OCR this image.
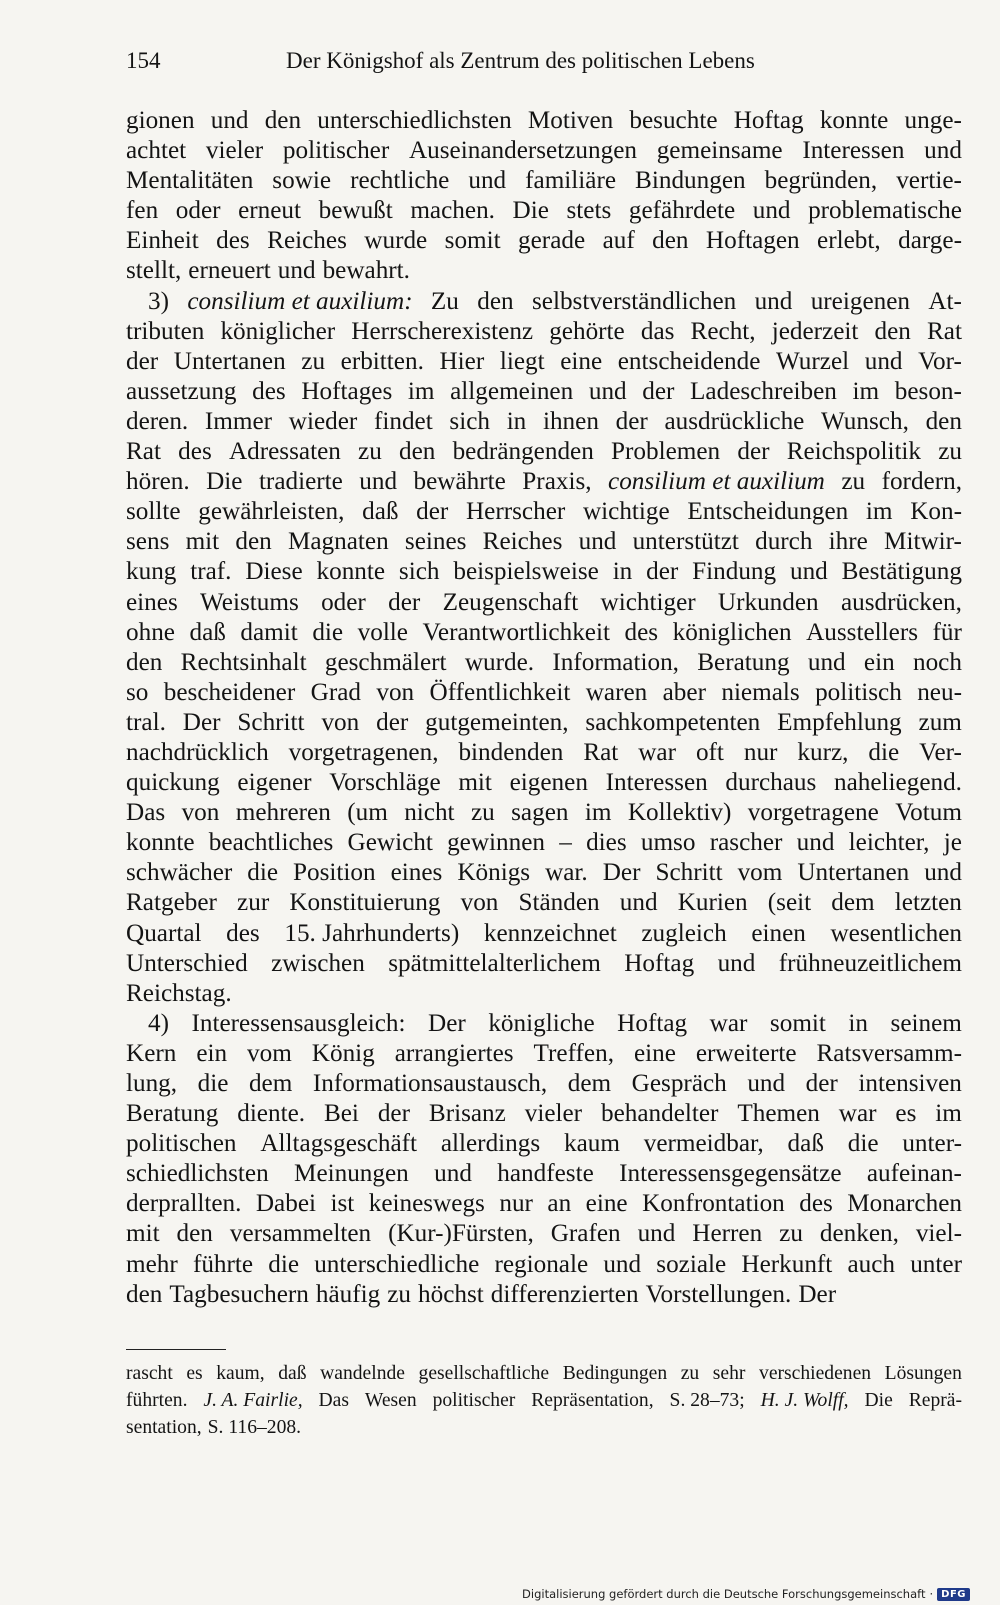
154	Der Königshof als Zentrum des politischen Lebens
gionen und den unterschiedlichsten Motiven besuchte Hoftag konnte unge-
achtet vieler politischer Auseinandersetzungen gemeinsame Interessen und
Mentalitäten sowie rechtliche und familiäre Bindungen begründen, vertie-
fen oder erneut bewußt machen. Die stets gefährdete und problematische
Einheit des Reiches wurde somit gerade auf den Hoftagen erlebt, darge-
stellt, erneuert und bewahrt.
3) consilium et auxilium: Zu den selbstverständlichen und ureigenen At-
tributen königlicher Herrscherexistenz gehörte das Recht, jederzeit den Rat
der Untertanen zu erbitten. Hier liegt eine entscheidende Wurzel und Vor-
aussetzung des Hoftages im allgemeinen und der Ladeschreiben im beson-
deren. Immer wieder findet sich in ihnen der ausdrückliche Wunsch, den
Rat des Adressaten zu den bedrängenden Problemen der Reichspolitik zu
hören. Die tradierte und bewährte Praxis, consilium et auxilium zu fordern,
sollte gewährleisten, daß der Herrscher wichtige Entscheidungen im Kon-
sens mit den Magnaten seines Reiches und unterstützt durch ihre Mitwir-
kung traf. Diese konnte sich beispielsweise in der Findung und Bestätigung
eines Weistums oder der Zeugenschaft wichtiger Urkunden ausdrücken,
ohne daß damit die volle Verantwortlichkeit des königlichen Ausstellers für
den Rechtsinhalt geschmälert wurde. Information, Beratung und ein noch
so bescheidener Grad von Öffentlichkeit waren aber niemals politisch neu-
tral. Der Schritt von der gutgemeinten, sachkompetenten Empfehlung zum
nachdrücklich vorgetragenen, bindenden Rat war oft nur kurz, die Ver-
quickung eigener Vorschläge mit eigenen Interessen durchaus naheliegend.
Das von mehreren (um nicht zu sagen im Kollektiv) vorgetragene Votum
konnte beachtliches Gewicht gewinnen – dies umso rascher und leichter, je
schwächer die Position eines Königs war. Der Schritt vom Untertanen und
Ratgeber zur Konstituierung von Ständen und Kurien (seit dem letzten
Quartal des 15. Jahrhunderts) kennzeichnet zugleich einen wesentlichen
Unterschied zwischen spätmittelalterlichem Hoftag und frühneuzeitlichem
Reichstag.
4) Interessensausgleich: Der königliche Hoftag war somit in seinem
Kern ein vom König arrangiertes Treffen, eine erweiterte Ratsversamm-
lung, die dem Informationsaustausch, dem Gespräch und der intensiven
Beratung diente. Bei der Brisanz vieler behandelter Themen war es im
politischen Alltagsgeschäft allerdings kaum vermeidbar, daß die unter-
schiedlichsten Meinungen und handfeste Interessensgegensätze aufeinan-
derprallten. Dabei ist keineswegs nur an eine Konfrontation des Monarchen
mit den versammelten (Kur-)Fürsten, Grafen und Herren zu denken, viel-
mehr führte die unterschiedliche regionale und soziale Herkunft auch unter
den Tagbesuchern häufig zu höchst differenzierten Vorstellungen. Der
rascht es kaum, daß wandelnde gesellschaftliche Bedingungen zu sehr verschiedenen Lösungen
führten. J. A. Fairlie, Das Wesen politischer Repräsentation, S. 28–73; H. J. Wolff, Die Reprä-
sentation, S. 116–208.
Digitalisierung gefördert durch die Deutsche Forschungsgemeinschaft · DFG
